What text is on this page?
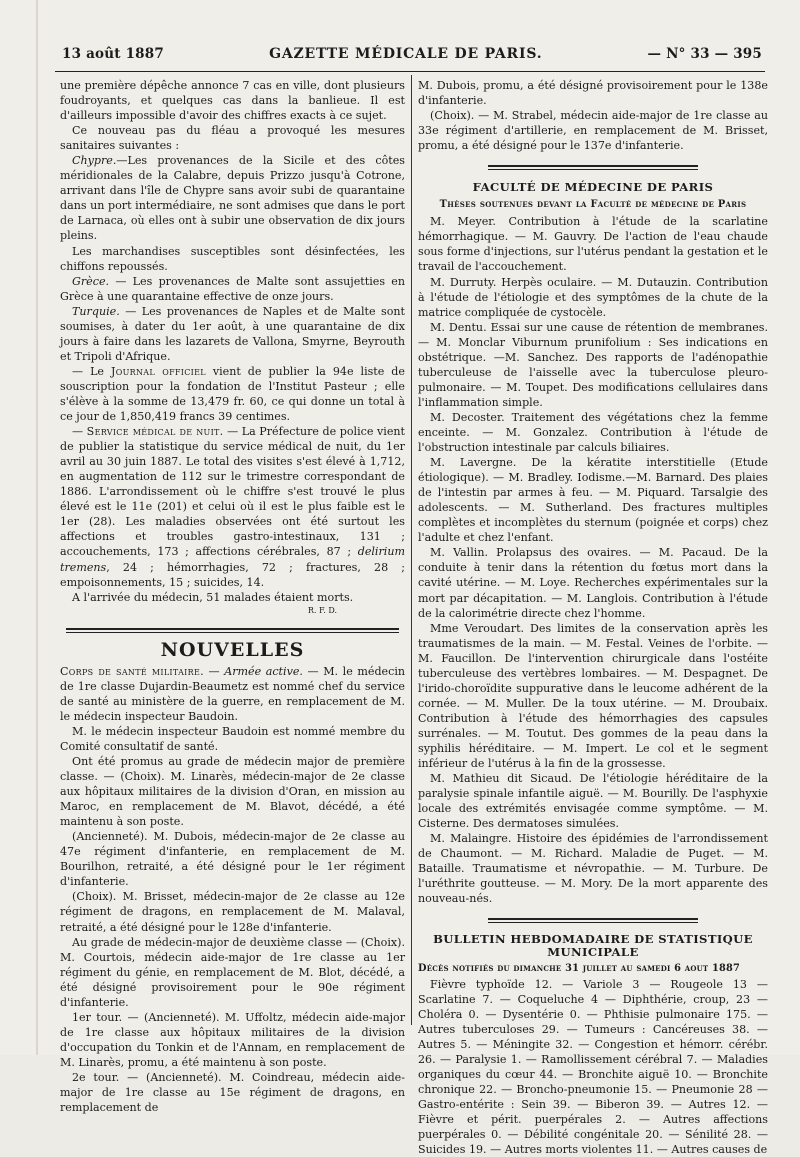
13 août 1887	GAZETTE MÉDICALE DE PARIS.	— N° 33 — 395

une première dépêche annonce 7 cas en ville, dont plusieurs foudroyants, et quelques cas dans la banlieue. Il est d'ailleurs impossible d'avoir des chiffres exacts à ce sujet.

Ce nouveau pas du fléau a provoqué les mesures sanitaires suivantes :

Chypre.—Les provenances de la Sicile et des côtes méridionales de la Calabre, depuis Prizzo jusqu'à Cotrone, arrivant dans l'île de Chypre sans avoir subi de quarantaine dans un port intermédiaire, ne sont admises que dans le port de Larnaca, où elles ont à subir une observation de dix jours pleins.

Les marchandises susceptibles sont désinfectées, les chiffons repoussés.

Grèce. — Les provenances de Malte sont assujetties en Grèce à une quarantaine effective de onze jours.

Turquie. — Les provenances de Naples et de Malte sont soumises, à dater du 1er août, à une quarantaine de dix jours à faire dans les lazarets de Vallona, Smyrne, Beyrouth et Tripoli d'Afrique.

— Le Journal officiel vient de publier la 94e liste de souscription pour la fondation de l'Institut Pasteur ; elle s'élève à la somme de 13,479 fr. 60, ce qui donne un total à ce jour de 1,850,419 francs 39 centimes.

— Service médical de nuit. — La Préfecture de police vient de publier la statistique du service médical de nuit, du 1er avril au 30 juin 1887. Le total des visites s'est élevé à 1,712, en augmentation de 112 sur le trimestre correspondant de 1886. L'arrondissement où le chiffre s'est trouvé le plus élevé est le 11e (201) et celui où il est le plus faible est le 1er (28). Les maladies observées ont été surtout les affections et troubles gastro-intestinaux, 131 ; accouchements, 173 ; affections cérébrales, 87 ; delirium tremens, 24 ; hémorrhagies, 72 ; fractures, 28 ; empoisonnements, 15 ; suicides, 14.

A l'arrivée du médecin, 51 malades étaient morts.

R. F. D.
NOUVELLES

Corps de santé militaire. — Armée active. — M. le médecin de 1re classe Dujardin-Beaumetz est nommé chef du service de santé au ministère de la guerre, en remplacement de M. le médecin inspecteur Baudoin.

M. le médecin inspecteur Baudoin est nommé membre du Comité consultatif de santé.

Ont été promus au grade de médecin major de première classe. — (Choix). M. Linarès, médecin-major de 2e classe aux hôpitaux militaires de la division d'Oran, en mission au Maroc, en remplacement de M. Blavot, décédé, a été maintenu à son poste.

(Ancienneté). M. Dubois, médecin-major de 2e classe au 47e régiment d'infanterie, en remplacement de M. Bourilhon, retraité, a été désigné pour le 1er régiment d'infanterie.

(Choix). M. Brisset, médecin-major de 2e classe au 12e régiment de dragons, en remplacement de M. Malaval, retraité, a été désigné pour le 128e d'infanterie.

Au grade de médecin-major de deuxième classe — (Choix). M. Courtois, médecin aide-major de 1re classe au 1er régiment du génie, en remplacement de M. Blot, décédé, a été désigné provisoirement pour le 90e régiment d'infanterie.

1er tour. — (Ancienneté). M. Uffoltz, médecin aide-major de 1re classe aux hôpitaux militaires de la division d'occupation du Tonkin et de l'Annam, en remplacement de M. Linarès, promu, a été maintenu à son poste.

2e tour. — (Ancienneté). M. Coindreau, médecin aide-major de 1re classe au 15e régiment de dragons, en remplacement de

M. Dubois, promu, a été désigné provisoirement pour le 138e d'infanterie.

(Choix). — M. Strabel, médecin aide-major de 1re classe au 33e régiment d'artillerie, en remplacement de M. Brisset, promu, a été désigné pour le 137e d'infanterie.

FACULTÉ DE MÉDECINE DE PARIS
Thèses soutenues devant la Faculté de médecine de Paris

M. Meyer. Contribution à l'étude de la scarlatine hémorrhagique. — M. Gauvry. De l'action de l'eau chaude sous forme d'injections, sur l'utérus pendant la gestation et le travail de l'accouchement.

M. Durruty. Herpès oculaire. — M. Dutauzin. Contribution à l'étude de l'étiologie et des symptômes de la chute de la matrice compliquée de cystocèle.

M. Dentu. Essai sur une cause de rétention de membranes. — M. Monclar Viburnum prunifolium : Ses indications en obstétrique. —M. Sanchez. Des rapports de l'adénopathie tuberculeuse de l'aisselle avec la tuberculose pleuro-pulmonaire. — M. Toupet. Des modifications cellulaires dans l'inflammation simple.

M. Decoster. Traitement des végétations chez la femme enceinte. — M. Gonzalez. Contribution à l'étude de l'obstruction intestinale par calculs biliaires.

M. Lavergne. De la kératite interstitielle (Etude étiologique). — M. Bradley. Iodisme.—M. Barnard. Des plaies de l'intestin par armes à feu. — M. Piquard. Tarsalgie des adolescents. — M. Sutherland. Des fractures multiples complètes et incomplètes du sternum (poignée et corps) chez l'adulte et chez l'enfant.

M. Vallin. Prolapsus des ovaires. — M. Pacaud. De la conduite à tenir dans la rétention du fœtus mort dans la cavité utérine. — M. Loye. Recherches expérimentales sur la mort par décapitation. — M. Langlois. Contribution à l'étude de la calorimétrie directe chez l'homme.

Mme Veroudart. Des limites de la conservation après les traumatismes de la main. — M. Festal. Veines de l'orbite. — M. Faucillon. De l'intervention chirurgicale dans l'ostéite tuberculeuse des vertèbres lombaires. — M. Despagnet. De l'irido-choroïdite suppurative dans le leucome adhérent de la cornée. — M. Muller. De la toux utérine. — M. Droubaix. Contribution à l'étude des hémorrhagies des capsules surrénales. — M. Toutut. Des gommes de la peau dans la syphilis héréditaire. — M. Impert. Le col et le segment inférieur de l'utérus à la fin de la grossesse.

M. Mathieu dit Sicaud. De l'étiologie héréditaire de la paralysie spinale infantile aiguë. — M. Bourilly. De l'asphyxie locale des extrémités envisagée comme symptôme. — M. Cisterne. Des dermatoses simulées.

M. Malaingre. Histoire des épidémies de l'arrondissement de Chaumont. — M. Richard. Maladie de Puget. — M. Bataille. Traumatisme et névropathie. — M. Turbure. De l'uréthrite goutteuse. — M. Mory. De la mort apparente des nouveau-nés.

BULLETIN HEBDOMADAIRE DE STATISTIQUE MUNICIPALE
Décès notifiés du dimanche 31 juillet au samedi 6 aout 1887

Fièvre typhoïde 12. — Variole 3 — Rougeole 13 — Scarlatine 7. — Coqueluche 4 — Diphthérie, croup, 23 — Choléra 0. — Dysentérie 0. — Phthisie pulmonaire 175. — Autres tuberculoses 29. — Tumeurs : Cancéreuses 38. — Autres 5. — Méningite 32. — Congestion et hémorr. cérébr. 26. — Paralysie 1. — Ramollissement cérébral 7. — Maladies organiques du cœur 44. — Bronchite aiguë 10. — Bronchite chronique 22. — Broncho-pneumonie 15. — Pneumonie 28 — Gastro-entérite : Sein 39. — Biberon 39. — Autres 12. — Fièvre et périt. puerpérales 2. — Autres affections puerpérales 0. — Débilité congénitale 20. — Sénilité 28. — Suicides 19. — Autres morts violentes 11. — Autres causes de
